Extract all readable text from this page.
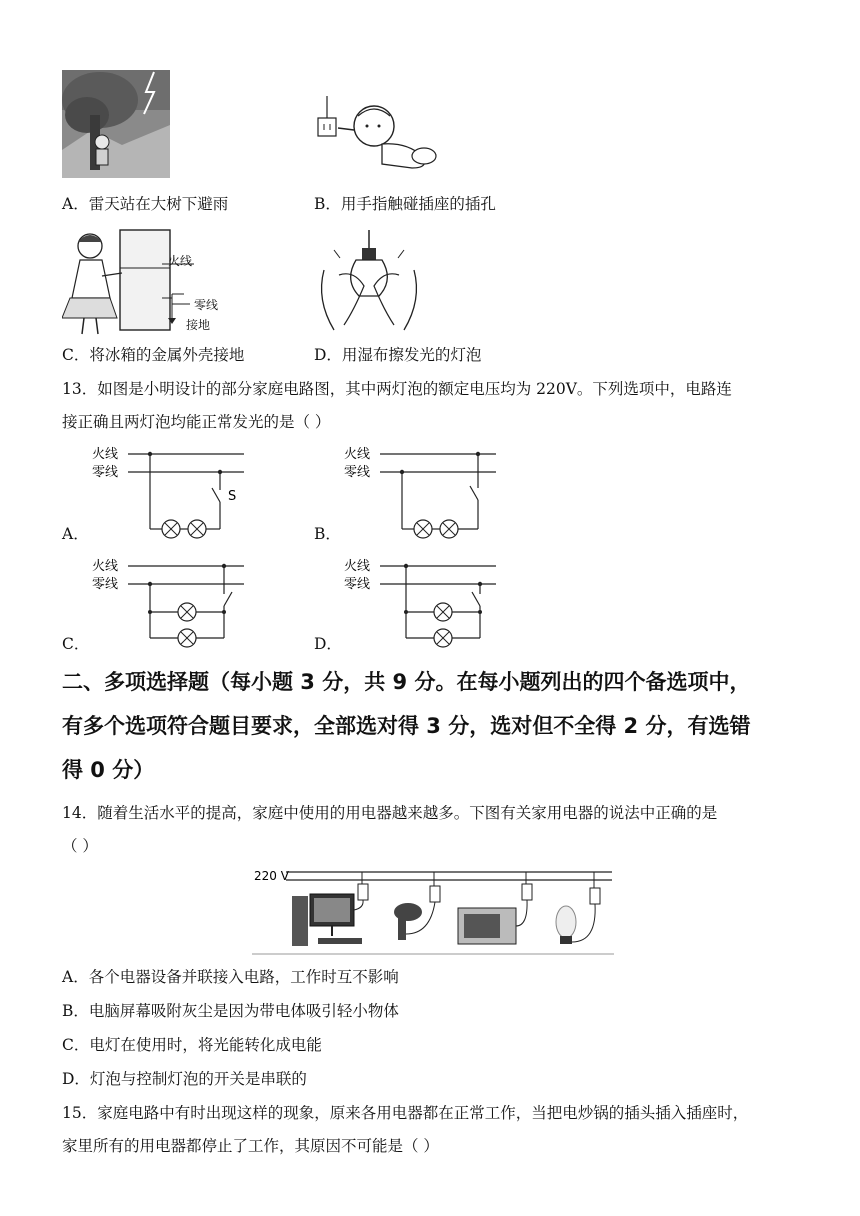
A．雷天站在大树下避雨	B．用手指触碰插座的插孔
火线
零线
接地
C．将冰箱的金属外壳接地	D．用湿布擦发光的灯泡
13．如图是小明设计的部分家庭电路图，其中两灯泡的额定电压均为 220V。下列选项中，电路连
接正确且两灯泡均能正常发光的是（ ）
火线
零线
S
A．
火线
零线
B．
火线
零线
C．
火线
零线
D．
二、多项选择题（每小题 3 分，共 9 分。在每小题列出的四个备选项中，
有多个选项符合题目要求，全部选对得 3 分，选对但不全得 2 分，有选错
得 0 分）
14．随着生活水平的提高，家庭中使用的用电器越来越多。下图有关家用电器的说法中正确的是
（ ）
220 V
A．各个电器设备并联接入电路，工作时互不影响
B．电脑屏幕吸附灰尘是因为带电体吸引轻小物体
C．电灯在使用时，将光能转化成电能
D．灯泡与控制灯泡的开关是串联的
15．家庭电路中有时出现这样的现象，原来各用电器都在正常工作，当把电炒锅的插头插入插座时，
家里所有的用电器都停止了工作，其原因不可能是（ ）
